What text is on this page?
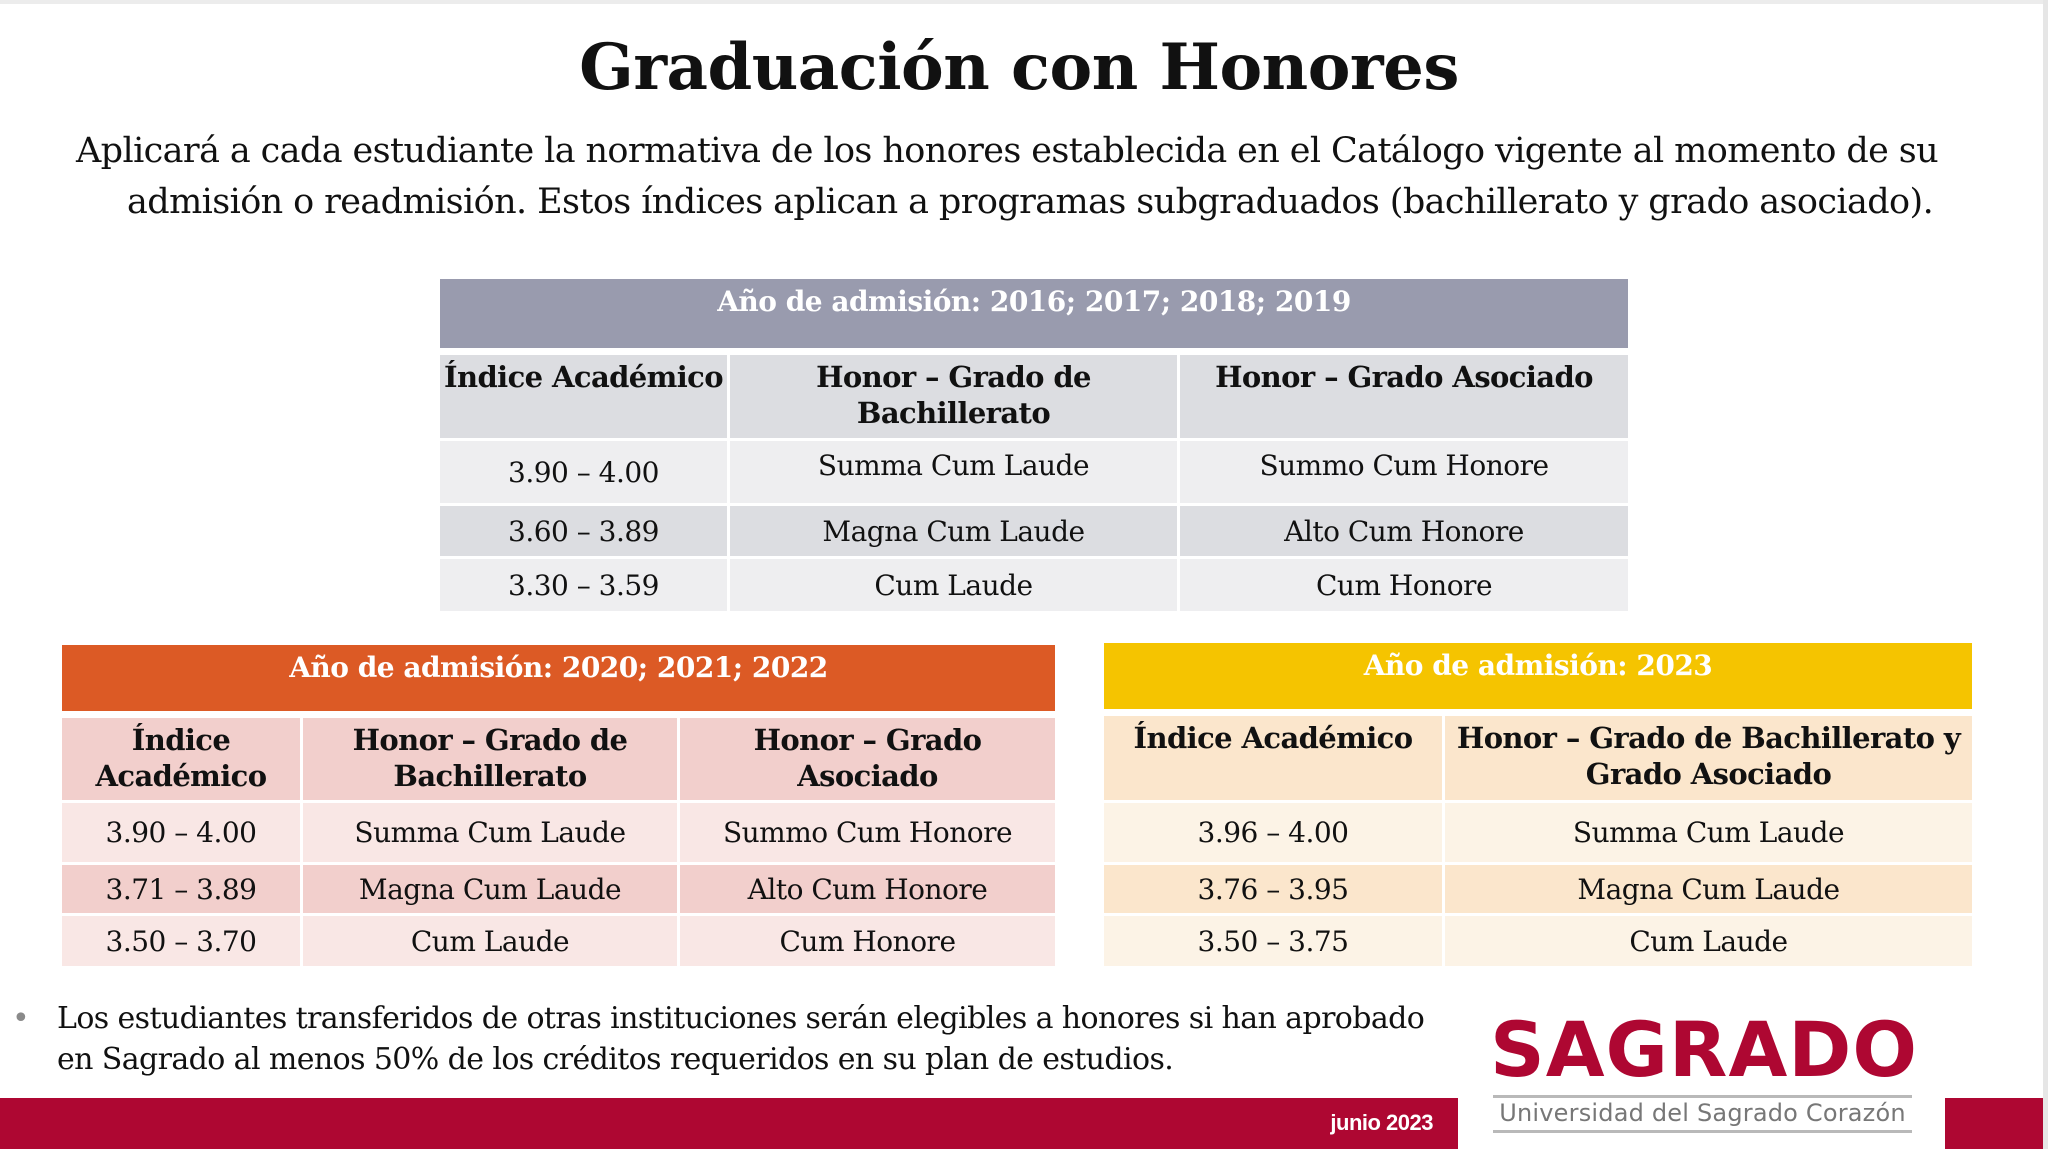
Graduación con Honores

Aplicará a cada estudiante la normativa de los honores establecida en el Catálogo vigente al momento de su
admisión o readmisión. Estos índices aplican a programas subgraduados (bachillerato y grado asociado).

Año de admisión: 2016; 2017; 2018; 2019		
Índice Académico	Honor – Grado de Bachillerato	Honor – Grado Asociado
3.90 – 4.00	Summa Cum Laude	Summo Cum Honore
3.60 – 3.89	Magna Cum Laude	Alto Cum Honore
3.30 – 3.59	Cum Laude	Cum Honore
Año de admisión: 2020; 2021; 2022		
Índice Académico	Honor – Grado de Bachillerato	Honor – Grado Asociado
3.90 – 4.00	Summa Cum Laude	Summo Cum Honore
3.71 – 3.89	Magna Cum Laude	Alto Cum Honore
3.50 – 3.70	Cum Laude	Cum Honore
Año de admisión: 2023	
Índice Académico	Honor – Grado de Bachillerato y Grado Asociado
3.96 – 4.00	Summa Cum Laude
3.76 – 3.95	Magna Cum Laude
3.50 – 3.75	Cum Laude
• Los estudiantes transferidos de otras instituciones serán elegibles a honores si han aprobado
en Sagrado al menos 50% de los créditos requeridos en su plan de estudios.
junio 2023
SAGRADO
Universidad del Sagrado Corazón
